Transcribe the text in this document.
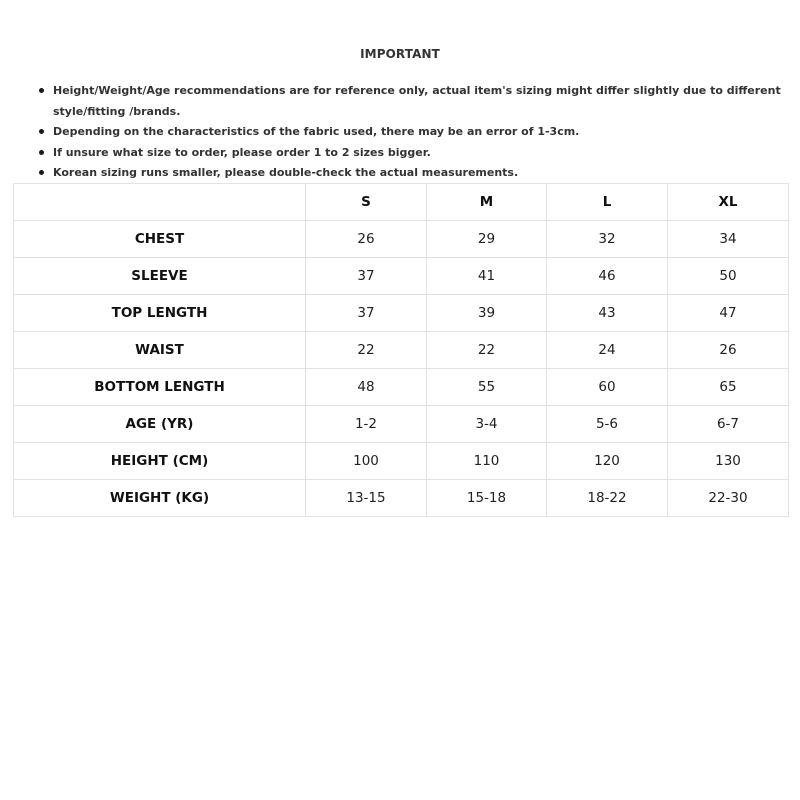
IMPORTANT
Height/Weight/Age recommendations are for reference only, actual item's sizing might differ slightly due to different style/fitting /brands.
Depending on the characteristics of the fabric used, there may be an error of 1-3cm.
If unsure what size to order, please order 1 to 2 sizes bigger.
Korean sizing runs smaller, please double-check the actual measurements.
	S	M	L	XL
CHEST	26	29	32	34
SLEEVE	37	41	46	50
TOP LENGTH	37	39	43	47
WAIST	22	22	24	26
BOTTOM LENGTH	48	55	60	65
AGE (YR)	1-2	3-4	5-6	6-7
HEIGHT (CM)	100	110	120	130
WEIGHT (KG)	13-15	15-18	18-22	22-30
